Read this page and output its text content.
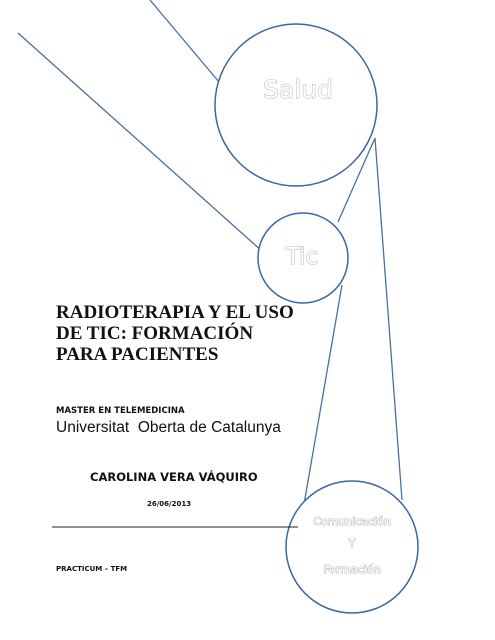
Salud
Tic
Comunicación
Y
Formación
RADIOTERAPIA Y EL USO
DE TIC: FORMACIÓN
PARA PACIENTES
MASTER EN TELEMEDICINA
Universitat  Oberta de Catalunya
CAROLINA VERA VÁQUIRO
26/06/2013
PRACTICUM – TFM
